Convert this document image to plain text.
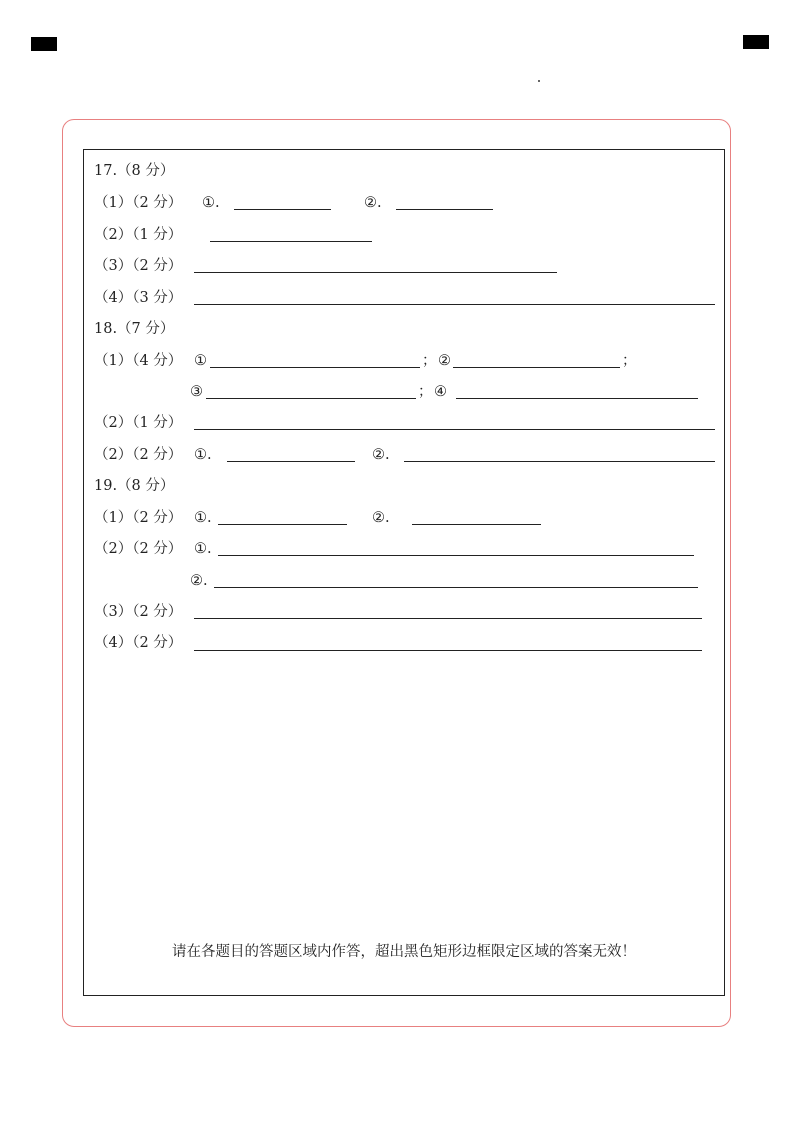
17.（8 分）
（1）（2 分） ①.	②.
（2）（1 分）
（3）（2 分）
（4）（3 分）
18.（7 分）
（1）（4 分） ①	； ②	；
③	； ④
（2）（1 分）
（2）（2 分） ①.	②.
19.（8 分）
（1）（2 分） ①.	②.
（2）（2 分） ①.
②.
（3）（2 分）
（4）（2 分）
请在各题目的答题区域内作答，超出黑色矩形边框限定区域的答案无效！
